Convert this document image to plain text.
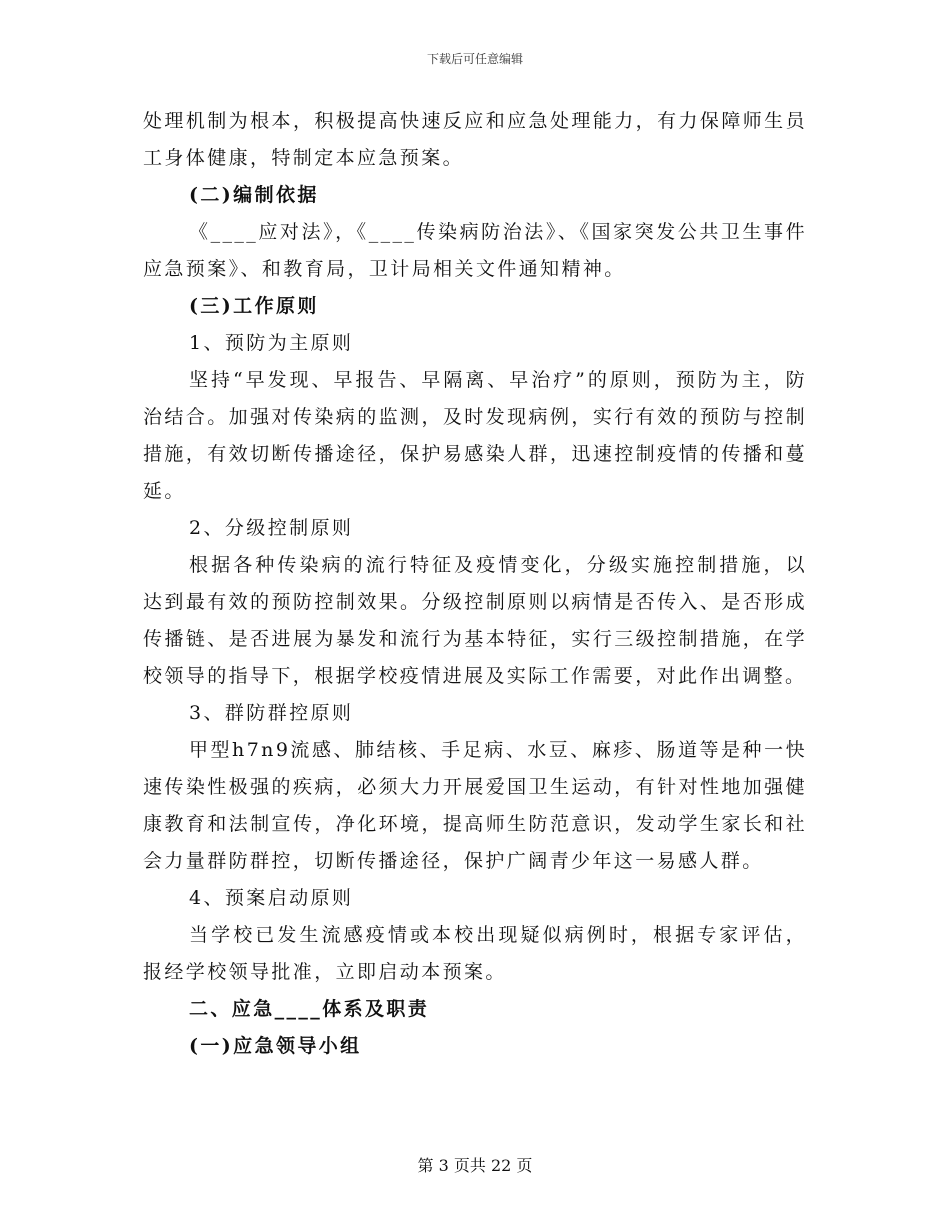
下载后可任意编辑

处理机制为根本，积极提高快速反应和应急处理能力，有力保障师生员工身体健康，特制定本应急预案。

(二)编制依据

《____应对法》，《____传染病防治法》、《国家突发公共卫生事件应急预案》、和教育局，卫计局相关文件通知精神。

(三)工作原则

1、预防为主原则

坚持“早发现、早报告、早隔离、早治疗”的原则，预防为主，防治结合。加强对传染病的监测，及时发现病例，实行有效的预防与控制措施，有效切断传播途径，保护易感染人群，迅速控制疫情的传播和蔓延。

2、分级控制原则

根据各种传染病的流行特征及疫情变化，分级实施控制措施，以达到最有效的预防控制效果。分级控制原则以病情是否传入、是否形成传播链、是否进展为暴发和流行为基本特征，实行三级控制措施，在学校领导的指导下，根据学校疫情进展及实际工作需要，对此作出调整。

3、群防群控原则

甲型h7n9流感、肺结核、手足病、水豆、麻疹、肠道等是种一快速传染性极强的疾病，必须大力开展爱国卫生运动，有针对性地加强健康教育和法制宣传，净化环境，提高师生防范意识，发动学生家长和社会力量群防群控，切断传播途径，保护广阔青少年这一易感人群。

4、预案启动原则

当学校已发生流感疫情或本校出现疑似病例时，根据专家评估，报经学校领导批准，立即启动本预案。

二、应急____体系及职责

(一)应急领导小组

第 3 页共 22 页
